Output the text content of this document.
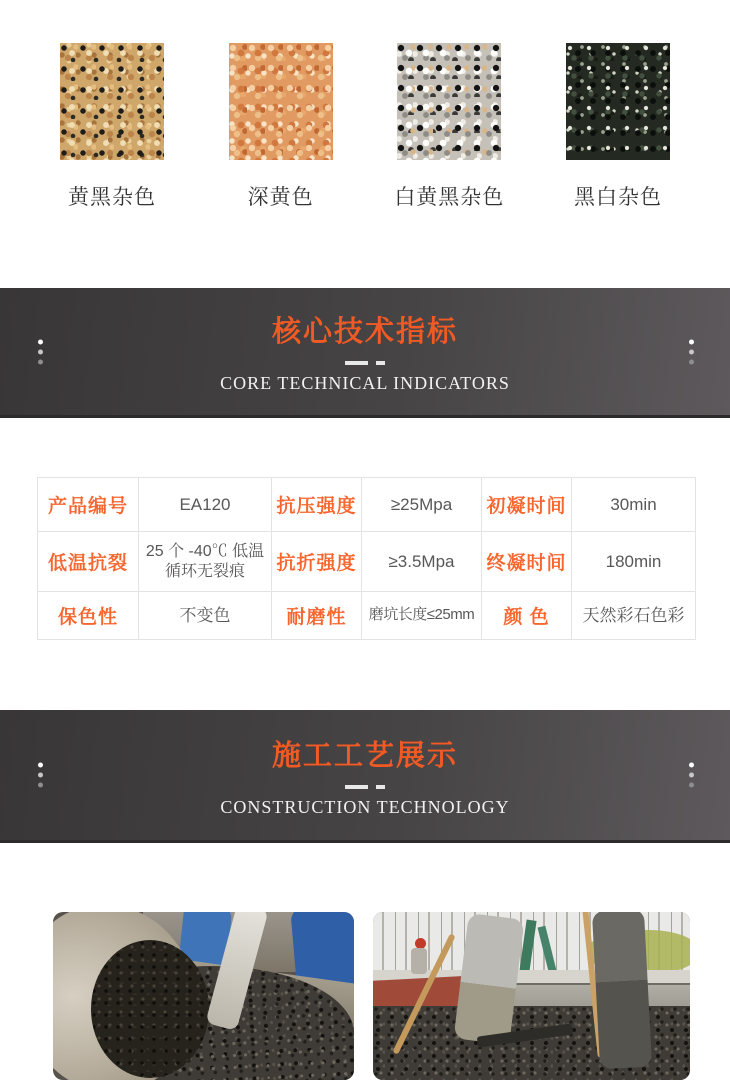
黄黑杂色	深黄色	白黄黑杂色	黑白杂色
核心技术指标
CORE TECHNICAL INDICATORS
产品编号	EA120	抗压强度	≥25Mpa	初凝时间	30min
低温抗裂	25 个 -40℃ 低温循环无裂痕	抗折强度	≥3.5Mpa	终凝时间	180min
保色性	不变色	耐磨性	磨坑长度≤25mm	颜 色	天然彩石色彩
施工工艺展示
CONSTRUCTION TECHNOLOGY
